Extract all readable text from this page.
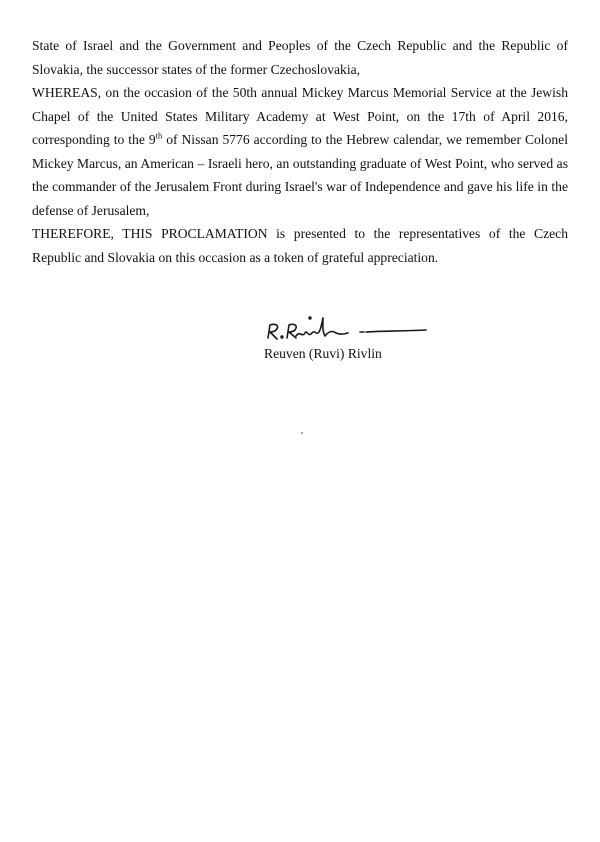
State of Israel and the Government and Peoples of the Czech Republic and the Republic of Slovakia, the successor states of the former Czechoslovakia,

WHEREAS, on the occasion of the 50th annual Mickey Marcus Memorial Service at the Jewish Chapel of the United States Military Academy at West Point, on the 17th of April 2016, corresponding to the 9th of Nissan 5776 according to the Hebrew calendar, we remember Colonel Mickey Marcus, an American – Israeli hero, an outstanding graduate of West Point, who served as the commander of the Jerusalem Front during Israel's war of Independence and gave his life in the defense of Jerusalem,

THEREFORE, THIS PROCLAMATION is presented to the representatives of the Czech Republic and Slovakia on this occasion as a token of grateful appreciation.

Reuven (Ruvi) Rivlin
